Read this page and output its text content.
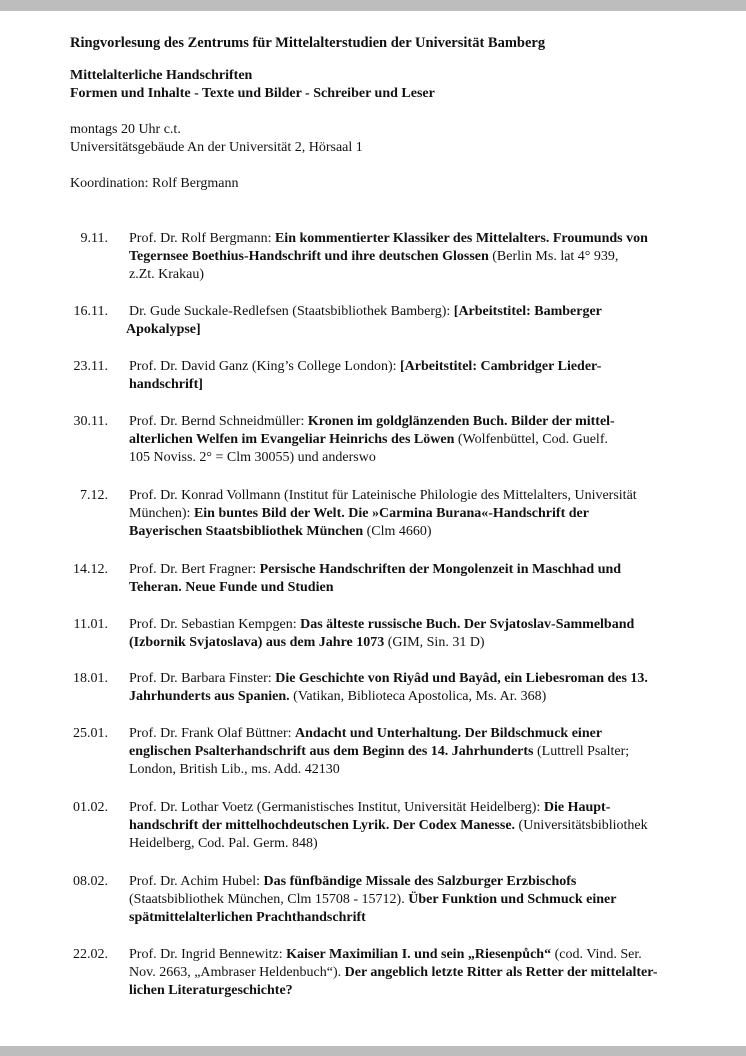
Ringvorlesung des Zentrums für Mittelalterstudien der Universität Bamberg
Mittelalterliche Handschriften
Formen und Inhalte - Texte und Bilder - Schreiber und Leser
montags 20 Uhr c.t.
Universitätsgebäude An der Universität 2, Hörsaal 1
Koordination: Rolf Bergmann
9.11. Prof. Dr. Rolf Bergmann: Ein kommentierter Klassiker des Mittelalters. Froumunds von
Tegernsee Boethius-Handschrift und ihre deutschen Glossen (Berlin Ms. lat 4° 939,
z.Zt. Krakau)
16.11. Dr. Gude Suckale-Redlefsen (Staatsbibliothek Bamberg): [Arbeitstitel: Bamberger
Apokalypse]
23.11. Prof. Dr. David Ganz (King’s College London): [Arbeitstitel: Cambridger Lieder-
handschrift]
30.11. Prof. Dr. Bernd Schneidmüller: Kronen im goldglänzenden Buch. Bilder der mittel-
alterlichen Welfen im Evangeliar Heinrichs des Löwen (Wolfenbüttel, Cod. Guelf.
105 Noviss. 2° = Clm 30055) und anderswo
7.12. Prof. Dr. Konrad Vollmann (Institut für Lateinische Philologie des Mittelalters, Universität
München): Ein buntes Bild der Welt. Die »Carmina Burana«-Handschrift der
Bayerischen Staatsbibliothek München (Clm 4660)
14.12. Prof. Dr. Bert Fragner: Persische Handschriften der Mongolenzeit in Maschhad und
Teheran. Neue Funde und Studien
11.01. Prof. Dr. Sebastian Kempgen: Das älteste russische Buch. Der Svjatoslav-Sammelband
(Izbornik Svjatoslava) aus dem Jahre 1073 (GIM, Sin. 31 D)
18.01. Prof. Dr. Barbara Finster: Die Geschichte von Riyâd und Bayâd, ein Liebesroman des 13.
Jahrhunderts aus Spanien. (Vatikan, Biblioteca Apostolica, Ms. Ar. 368)
25.01. Prof. Dr. Frank Olaf Büttner: Andacht und Unterhaltung. Der Bildschmuck einer
englischen Psalterhandschrift aus dem Beginn des 14. Jahrhunderts (Luttrell Psalter;
London, British Lib., ms. Add. 42130
01.02. Prof. Dr. Lothar Voetz (Germanistisches Institut, Universität Heidelberg): Die Haupt-
handschrift der mittelhochdeutschen Lyrik. Der Codex Manesse. (Universitätsbibliothek
Heidelberg, Cod. Pal. Germ. 848)
08.02. Prof. Dr. Achim Hubel: Das fünfbändige Missale des Salzburger Erzbischofs
(Staatsbibliothek München, Clm 15708 - 15712). Über Funktion und Schmuck einer
spätmittelalterlichen Prachthandschrift
22.02. Prof. Dr. Ingrid Bennewitz: Kaiser Maximilian I. und sein „Riesenpůch“ (cod. Vind. Ser.
Nov. 2663, „Ambraser Heldenbuch“). Der angeblich letzte Ritter als Retter der mittelalter-
lichen Literaturgeschichte?
